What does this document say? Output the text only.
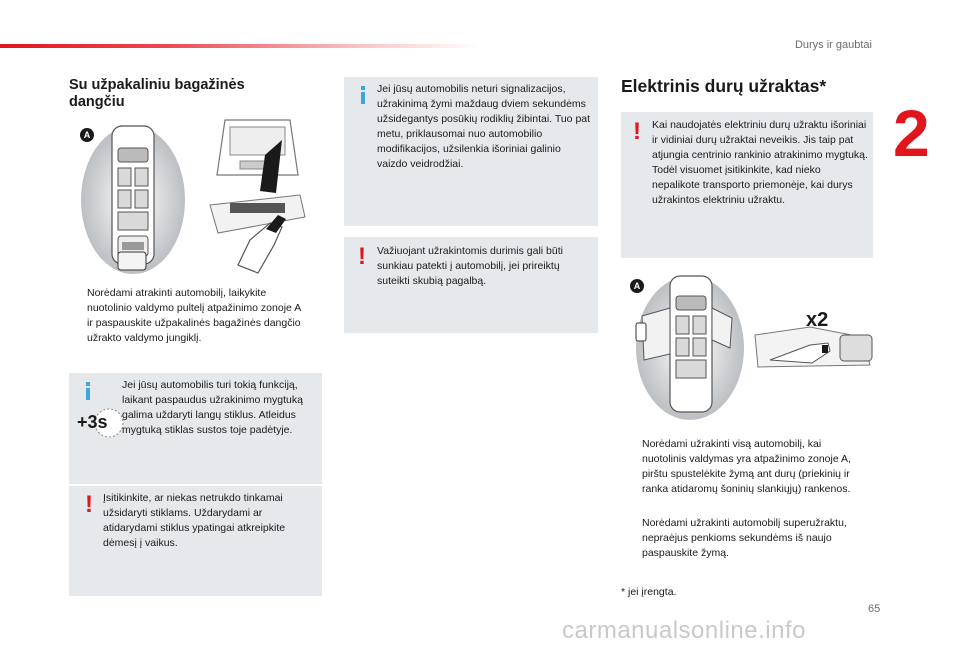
Durys ir gaubtai
2
Su užpakaliniu bagažinės dangčiu
A
Norėdami atrakinti automobilį, laikykite nuotolinio valdymo pultelį atpažinimo zonoje A ir paspauskite užpakalinės bagažinės dangčio užrakto valdymo jungiklį.
+3s

Jei jūsų automobilis turi tokią funkciją, laikant paspaudus užrakinimo mygtuką galima uždaryti langų stiklus. Atleidus mygtuką stiklas sustos toje padėtyje.

! Įsitikinkite, ar niekas netrukdo tinkamai užsidaryti stiklams. Uždarydami ar atidarydami stiklus ypatingai atkreipkite dėmesį į vaikus.

Jei jūsų automobilis neturi signalizacijos, užrakinimą žymi maždaug dviem sekundėms užsidegantys posūkių rodiklių žibintai. Tuo pat metu, priklausomai nuo automobilio modifikacijos, užsilenkia išoriniai galinio vaizdo veidrodžiai.

! Važiuojant užrakintomis durimis gali būti sunkiau patekti į automobilį, jei prireiktų suteikti skubią pagalbą.

Elektrinis durų užraktas*
! Kai naudojatės elektriniu durų užraktu išoriniai ir vidiniai durų užraktai neveikis. Jis taip pat atjungia centrinio rankinio atrakinimo mygtuką. Todėl visuomet įsitikinkite, kad nieko nepalikote transporto priemonėje, kai durys užrakintos elektriniu užraktu.

A
x2
Norėdami užrakinti visą automobilį, kai nuotolinis valdymas yra atpažinimo zonoje A, pirštu spustelėkite žymą ant durų (priekinių ir ranka atidaromų šoninių slankiųjų) rankenos.
Norėdami užrakinti automobilį superužraktu, nepraėjus penkioms sekundėms iš naujo paspauskite žymą.
* jei įrengta.
65
carmanualsonline.info
